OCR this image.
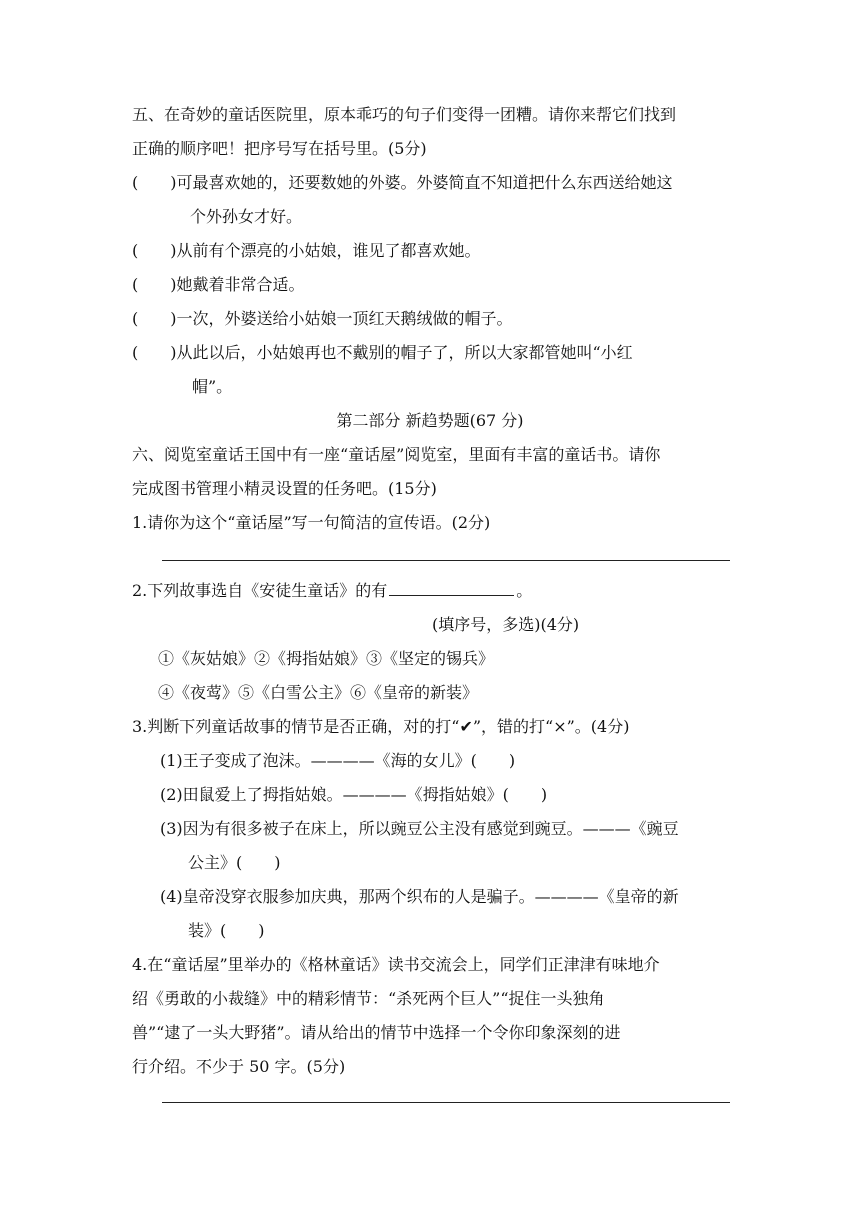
五、在奇妙的童话医院里，原本乖巧的句子们变得一团糟。请你来帮它们找到
正确的顺序吧！把序号写在括号里。(5分)
(　　)可最喜欢她的，还要数她的外婆。外婆简直不知道把什么东西送给她这
个外孙女才好。
(　　)从前有个漂亮的小姑娘，谁见了都喜欢她。
(　　)她戴着非常合适。
(　　)一次，外婆送给小姑娘一顶红天鹅绒做的帽子。
(　　)从此以后，小姑娘再也不戴别的帽子了，所以大家都管她叫“小红
帽”。
第二部分 新趋势题(67 分)
六、阅览室童话王国中有一座“童话屋”阅览室，里面有丰富的童话书。请你
完成图书管理小精灵设置的任务吧。(15分)
1.请你为这个“童话屋”写一句简洁的宣传语。(2分)
2.下列故事选自《安徒生童话》的有	。
(填序号，多选)(4分)
①《灰姑娘》②《拇指姑娘》③《坚定的锡兵》
④《夜莺》⑤《白雪公主》⑥《皇帝的新装》
3.判断下列童话故事的情节是否正确，对的打“✔”，错的打“×”。(4分)
(1)王子变成了泡沫。————《海的女儿》(　　)
(2)田鼠爱上了拇指姑娘。————《拇指姑娘》(　　)
(3)因为有很多被子在床上，所以豌豆公主没有感觉到豌豆。———《豌豆
公主》(　　)
(4)皇帝没穿衣服参加庆典，那两个织布的人是骗子。————《皇帝的新
装》(　　)
4.在“童话屋”里举办的《格林童话》读书交流会上，同学们正津津有味地介
绍《勇敢的小裁缝》中的精彩情节：“杀死两个巨人”“捉住一头独角
兽”“逮了一头大野猪”。请从给出的情节中选择一个令你印象深刻的进
行介绍。不少于 50 字。(5分)
